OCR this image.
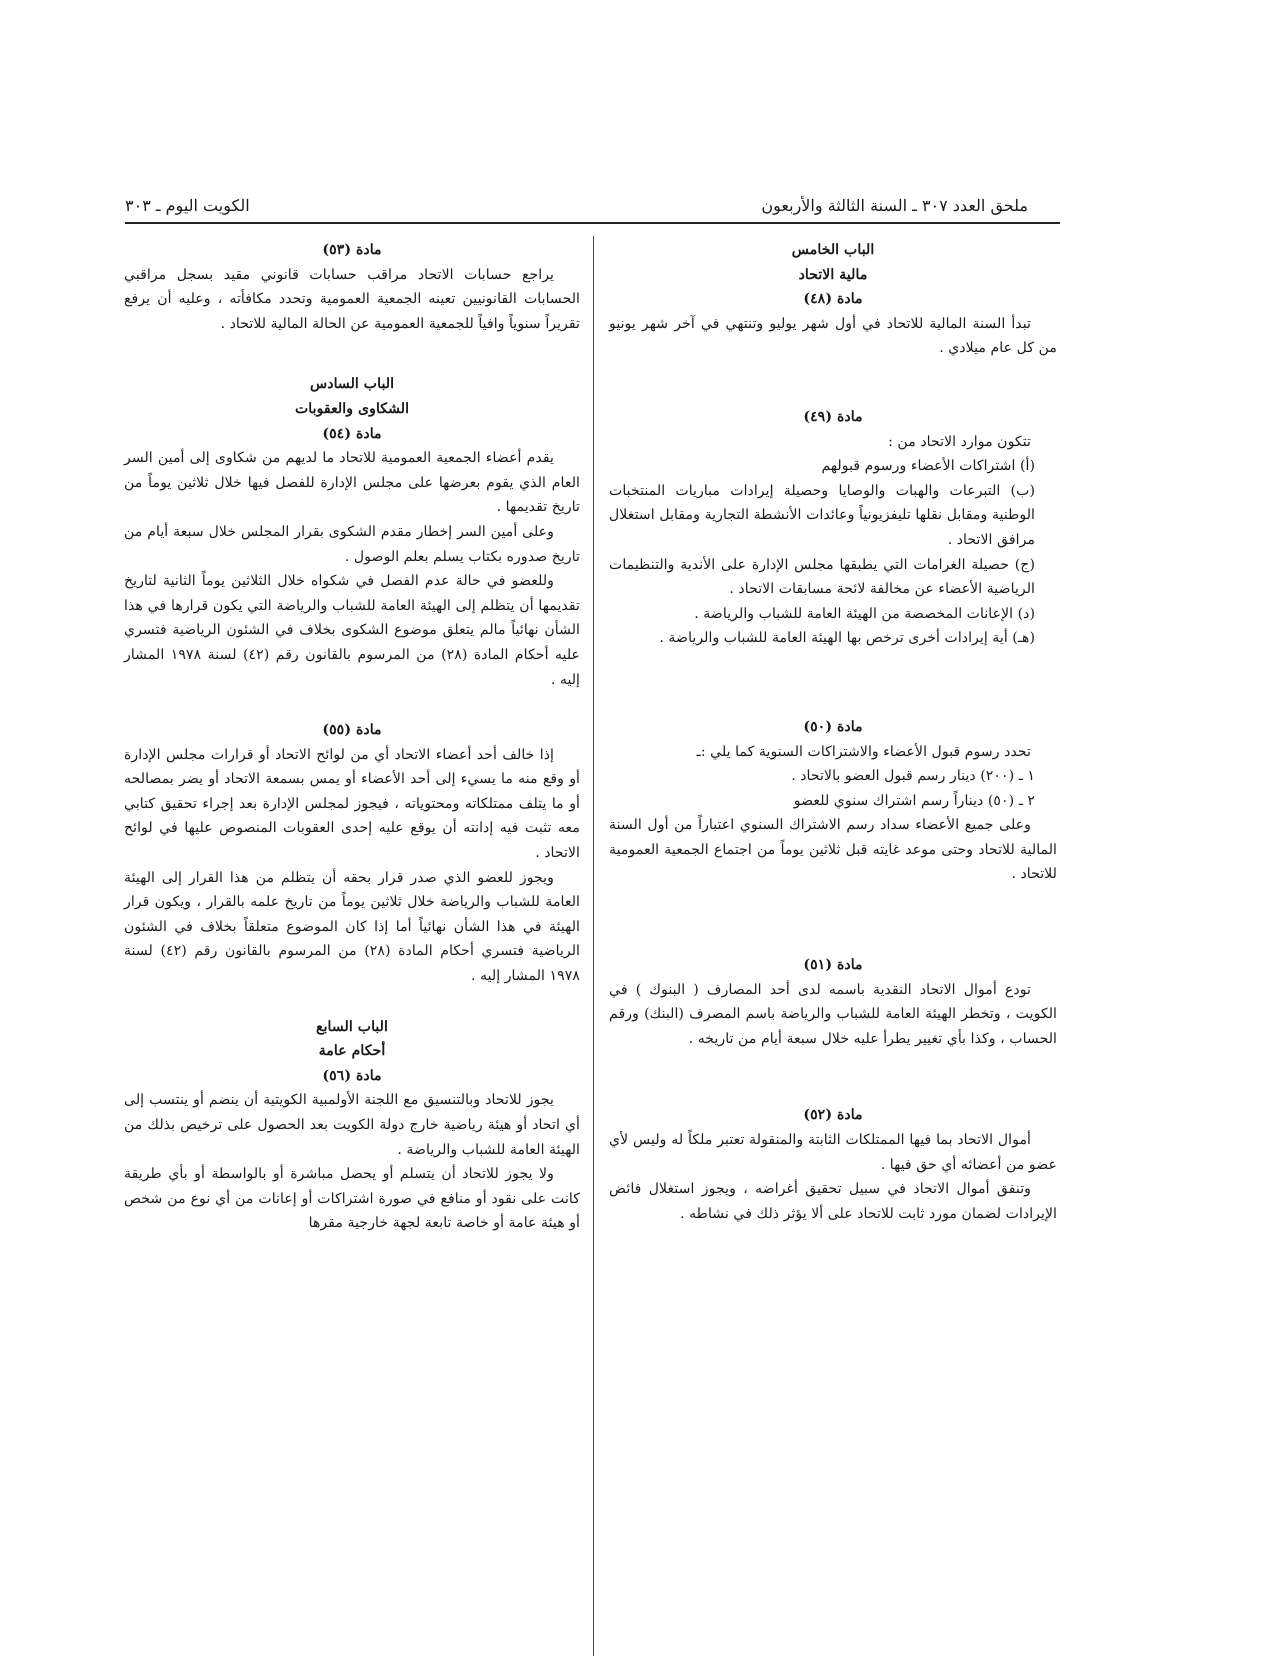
ملحق العدد ٣٠٧ ـ السنة الثالثة والأربعون
الكويت اليوم ـ ٣٠٣
الباب الخامس
مالية الاتحاد
مادة (٤٨)

تبدأ السنة المالية للاتحاد في أول شهر يوليو وتنتهي في آخر شهر يونيو من كل عام ميلادي .

مادة (٤٩)

تتكون موارد الاتحاد من :

(أ) اشتراكات الأعضاء ورسوم قبولهم

(ب) التبرعات والهبات والوصايا وحصيلة إيرادات مباريات المنتخبات الوطنية ومقابل نقلها تليفزيونياً وعائدات الأنشطة التجارية ومقابل استغلال مرافق الاتحاد .

(ج) حصيلة الغرامات التي يطبقها مجلس الإدارة على الأندية والتنظيمات الرياضية الأعضاء عن مخالفة لائحة مسابقات الاتحاد .

(د) الإعانات المخصصة من الهيئة العامة للشباب والرياضة .

(هـ) أية إيرادات أخرى ترخص بها الهيئة العامة للشباب والرياضة .

مادة (٥٠)

تحدد رسوم قبول الأعضاء والاشتراكات السنوية كما يلي :ـ

١ ـ (٢٠٠) دينار رسم قبول العضو بالاتحاد .

٢ ـ (٥٠) ديناراً رسم اشتراك سنوي للعضو

وعلى جميع الأعضاء سداد رسم الاشتراك السنوي اعتباراً من أول السنة المالية للاتحاد وحتى موعد غايته قبل ثلاثين يوماً من اجتماع الجمعية العمومية للاتحاد .

مادة (٥١)

تودع أموال الاتحاد النقدية باسمه لدى أحد المصارف ( البنوك ) في الكويت ، وتخطر الهيئة العامة للشباب والرياضة باسم المصرف (البنك) ورقم الحساب ، وكذا بأي تغيير يطرأ عليه خلال سبعة أيام من تاريخه .

مادة (٥٢)

أموال الاتحاد بما فيها الممتلكات الثابتة والمنقولة تعتبر ملكاً له وليس لأي عضو من أعضائه أي حق فيها .

وتنفق أموال الاتحاد في سبيل تحقيق أغراضه ، ويجوز استغلال فائض الإيرادات لضمان مورد ثابت للاتحاد على ألا يؤثر ذلك في نشاطه .

مادة (٥٣)

يراجع حسابات الاتحاد مراقب حسابات قانوني مقيد بسجل مراقبي الحسابات القانونيين تعينه الجمعية العمومية وتحدد مكافأته ، وعليه أن يرفع تقريراً سنوياً وافياً للجمعية العمومية عن الحالة المالية للاتحاد .

الباب السادس
الشكاوى والعقوبات
مادة (٥٤)

يقدم أعضاء الجمعية العمومية للاتحاد ما لديهم من شكاوى إلى أمين السر العام الذي يقوم بعرضها على مجلس الإدارة للفصل فيها خلال ثلاثين يوماً من تاريخ تقديمها .

وعلى أمين السر إخطار مقدم الشكوى بقرار المجلس خلال سبعة أيام من تاريخ صدوره بكتاب يسلم بعلم الوصول .

وللعضو في حالة عدم الفصل في شكواه خلال الثلاثين يوماً الثانية لتاريخ تقديمها أن يتظلم إلى الهيئة العامة للشباب والرياضة التي يكون قرارها في هذا الشأن نهائياً مالم يتعلق موضوع الشكوى بخلاف في الشئون الرياضية فتسري عليه أحكام المادة (٢٨) من المرسوم بالقانون رقم (٤٢) لسنة ١٩٧٨ المشار إليه .

مادة (٥٥)

إذا خالف أحد أعضاء الاتحاد أي من لوائح الاتحاد أو قرارات مجلس الإدارة أو وقع منه ما يسيء إلى أحد الأعضاء أو يمس بسمعة الاتحاد أو يضر بمصالحه أو ما يتلف ممتلكاته ومحتوياته ، فيجوز لمجلس الإدارة بعد إجراء تحقيق كتابي معه تثبت فيه إدانته أن يوقع عليه إحدى العقوبات المنصوص عليها في لوائح الاتحاد .

ويجوز للعضو الذي صدر قرار بحقه أن يتظلم من هذا القرار إلى الهيئة العامة للشباب والرياضة خلال ثلاثين يوماً من تاريخ علمه بالقرار ، ويكون قرار الهيئة في هذا الشأن نهائياً أما إذا كان الموضوع متعلقاً بخلاف في الشئون الرياضية فتسري أحكام المادة (٢٨) من المرسوم بالقانون رقم (٤٢) لسنة ١٩٧٨ المشار إليه .

الباب السابع
أحكام عامة
مادة (٥٦)

يجوز للاتحاد وبالتنسيق مع اللجنة الأولمبية الكويتية أن ينضم أو ينتسب إلى أي اتحاد أو هيئة رياضية خارج دولة الكويت بعد الحصول على ترخيص بذلك من الهيئة العامة للشباب والرياضة .

ولا يجوز للاتحاد أن يتسلم أو يحصل مباشرة أو بالواسطة أو بأي طريقة كانت على نقود أو منافع في صورة اشتراكات أو إعانات من أي نوع من شخص أو هيئة عامة أو خاصة تابعة لجهة خارجية مقرها
